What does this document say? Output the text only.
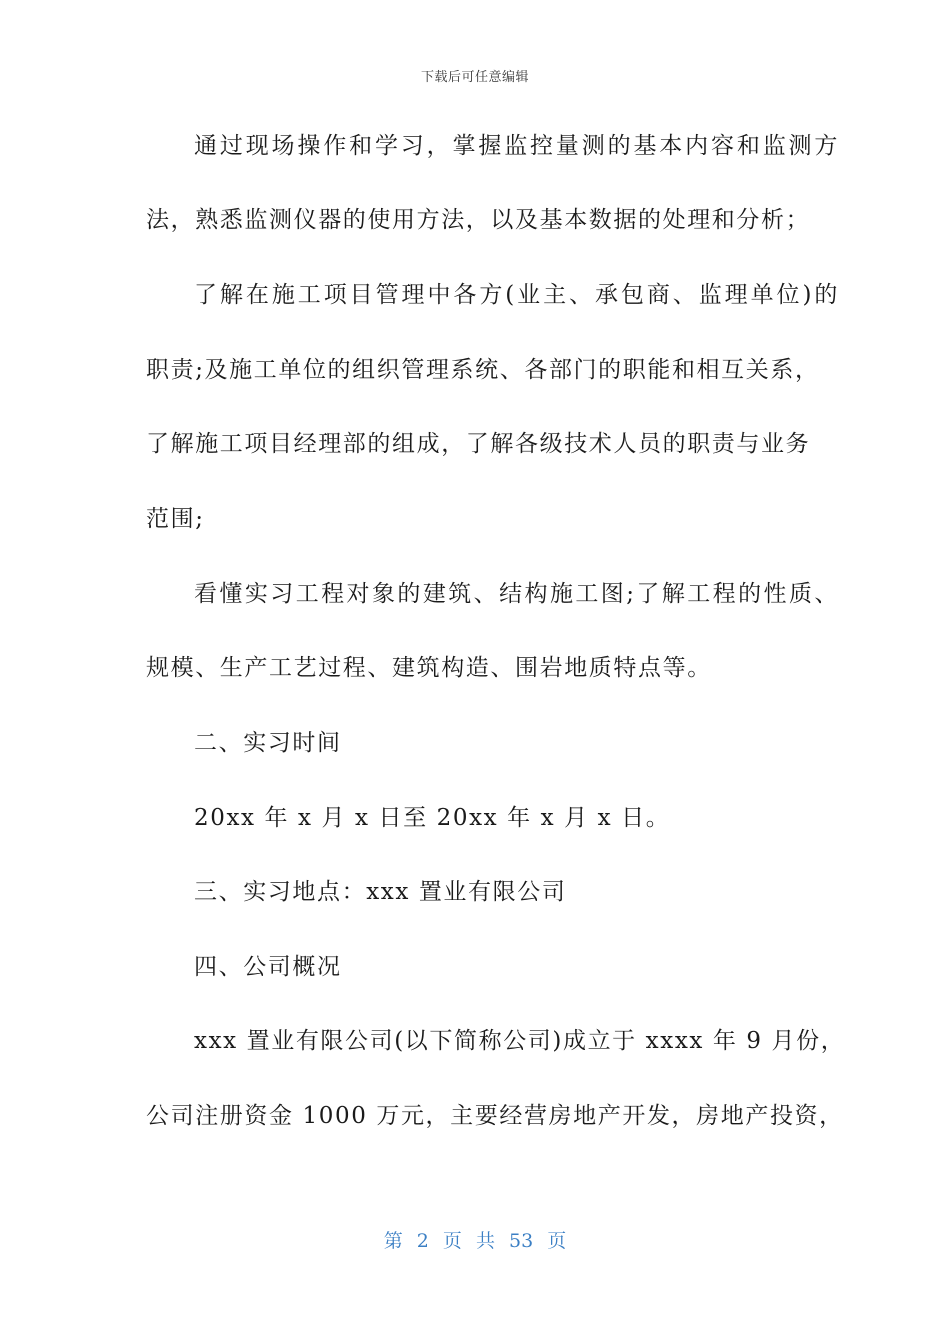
下载后可任意编辑
通过现场操作和学习，掌握监控量测的基本内容和监测方
法，熟悉监测仪器的使用方法，以及基本数据的处理和分析；
了解在施工项目管理中各方(业主、承包商、监理单位)的
职责;及施工单位的组织管理系统、各部门的职能和相互关系，
了解施工项目经理部的组成，了解各级技术人员的职责与业务
范围;
看懂实习工程对象的建筑、结构施工图;了解工程的性质、
规模、生产工艺过程、建筑构造、围岩地质特点等。
二、实习时间
20xx 年 x 月 x 日至 20xx 年 x 月 x 日。
三、实习地点：xxx 置业有限公司
四、公司概况
xxx 置业有限公司(以下简称公司)成立于 xxxx 年 9 月份，
公司注册资金 1000 万元，主要经营房地产开发，房地产投资，
第 2 页 共 53 页
